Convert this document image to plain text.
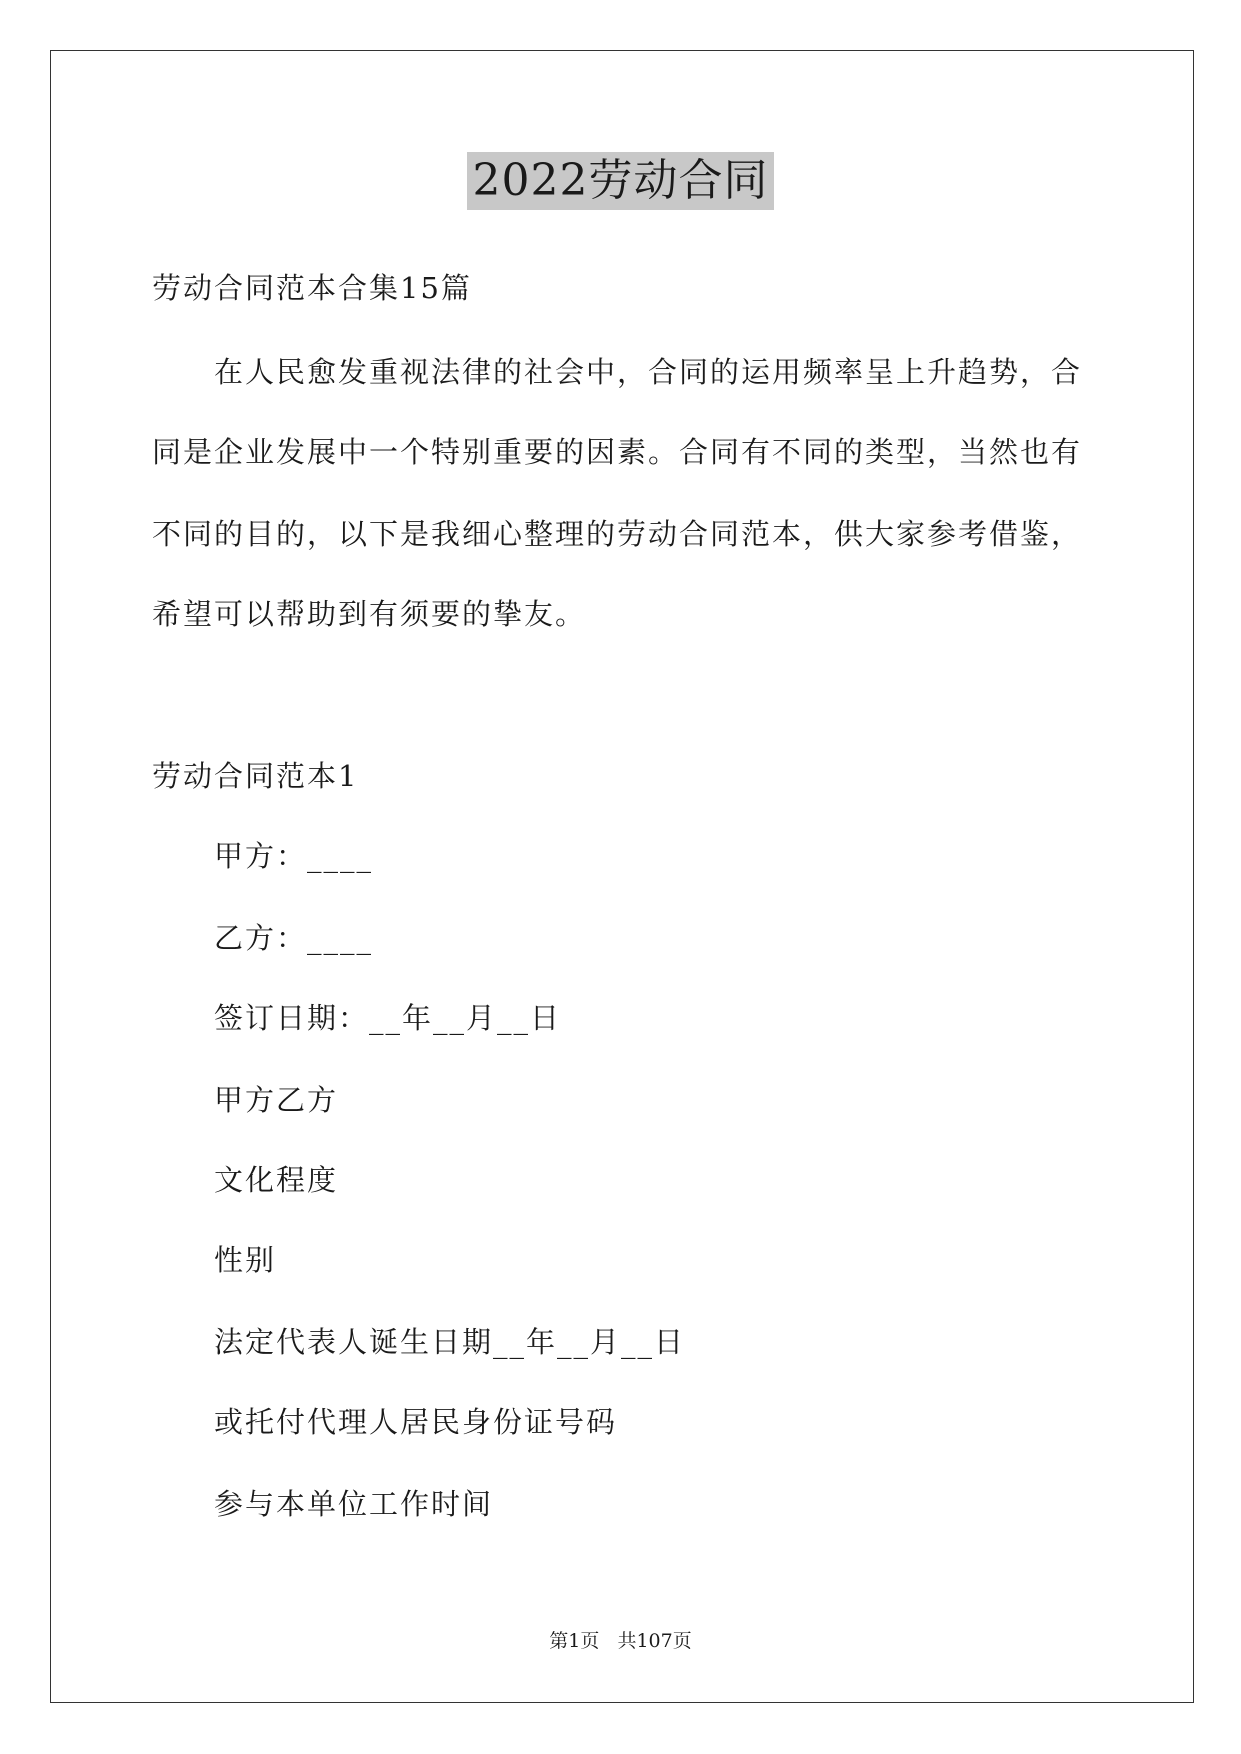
2022劳动合同
劳动合同范本合集15篇
在人民愈发重视法律的社会中，合同的运用频率呈上升趋势，合
同是企业发展中一个特别重要的因素。合同有不同的类型，当然也有
不同的目的，以下是我细心整理的劳动合同范本，供大家参考借鉴，
希望可以帮助到有须要的挚友。
劳动合同范本1
甲方：____
乙方：____
签订日期：__年__月__日
甲方乙方
文化程度
性别
法定代表人诞生日期__年__月__日
或托付代理人居民身份证号码
参与本单位工作时间
第1页   共107页
